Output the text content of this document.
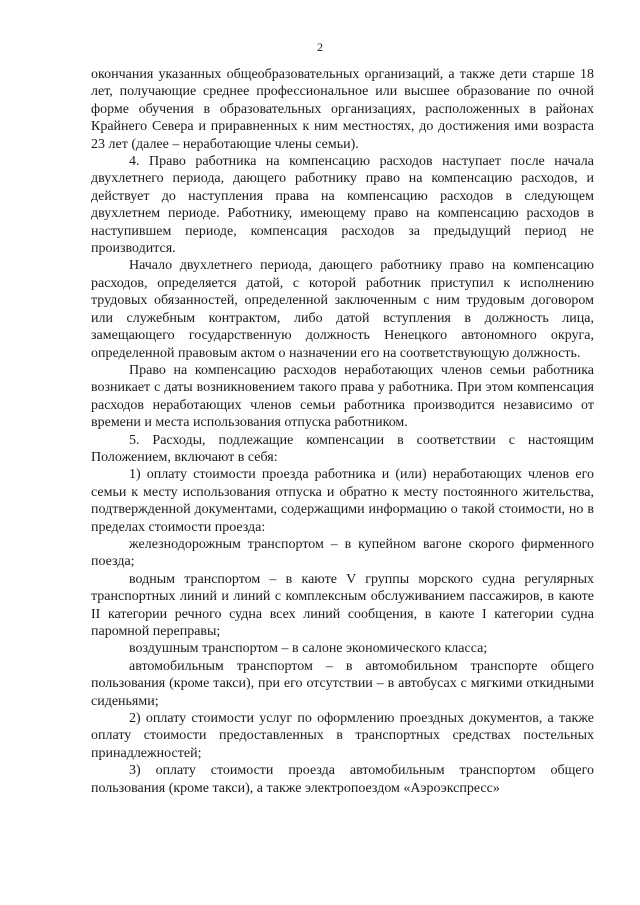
2

окончания указанных общеобразовательных организаций, а также дети старше 18 лет, получающие среднее профессиональное или высшее образование по очной форме обучения в образовательных организациях, расположенных в районах Крайнего Севера и приравненных к ним местностях, до достижения ими возраста 23 лет (далее – неработающие члены семьи).

4. Право работника на компенсацию расходов наступает после начала двухлетнего периода, дающего работнику право на компенсацию расходов, и действует до наступления права на компенсацию расходов в следующем двухлетнем периоде. Работнику, имеющему право на компенсацию расходов в наступившем периоде, компенсация расходов за предыдущий период не производится.

Начало двухлетнего периода, дающего работнику право на компенсацию расходов, определяется датой, с которой работник приступил к исполнению трудовых обязанностей, определенной заключенным с ним трудовым договором или служебным контрактом, либо датой вступления в должность лица, замещающего государственную должность Ненецкого автономного округа, определенной правовым актом о назначении его на соответствующую должность.

Право на компенсацию расходов неработающих членов семьи работника возникает с даты возникновением такого права у работника. При этом компенсация расходов неработающих членов семьи работника производится независимо от времени и места использования отпуска работником.

5. Расходы, подлежащие компенсации в соответствии с настоящим Положением, включают в себя:

1) оплату стоимости проезда работника и (или) неработающих членов его семьи к месту использования отпуска и обратно к месту постоянного жительства, подтвержденной документами, содержащими информацию о такой стоимости, но в пределах стоимости проезда:

железнодорожным транспортом – в купейном вагоне скорого фирменного поезда;

водным транспортом – в каюте V группы морского судна регулярных транспортных линий и линий с комплексным обслуживанием пассажиров, в каюте II категории речного судна всех линий сообщения, в каюте I категории судна паромной переправы;

воздушным транспортом – в салоне экономического класса;

автомобильным транспортом – в автомобильном транспорте общего пользования (кроме такси), при его отсутствии – в автобусах с мягкими откидными сиденьями;

2) оплату стоимости услуг по оформлению проездных документов, а также оплату стоимости предоставленных в транспортных средствах постельных принадлежностей;

3) оплату стоимости проезда автомобильным транспортом общего пользования (кроме такси), а также электропоездом «Аэроэкспресс»
